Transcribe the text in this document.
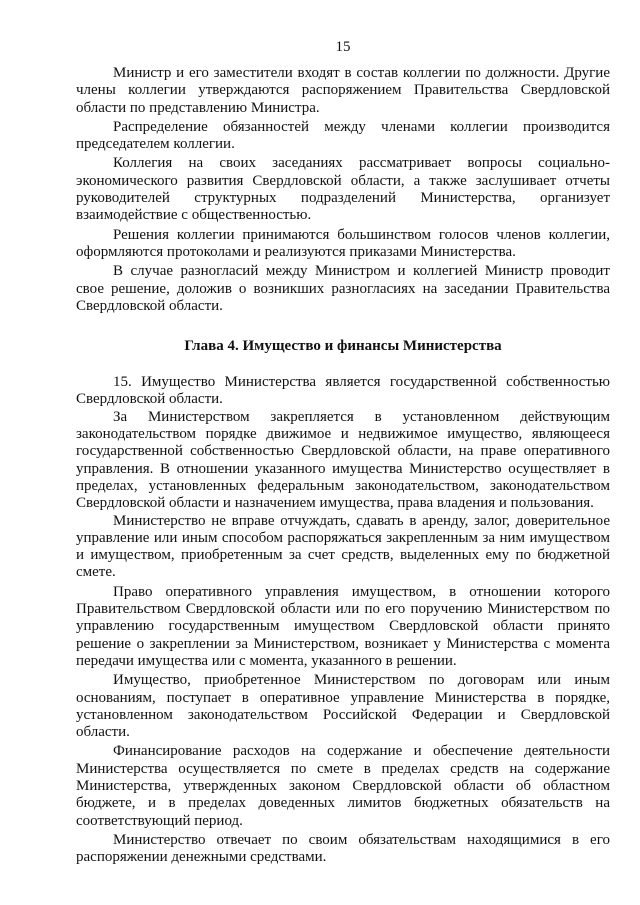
15

Министр и его заместители входят в состав коллегии по должности. Другие члены коллегии утверждаются распоряжением Правительства Свердловской области по представлению Министра.

Распределение обязанностей между членами коллегии производится председателем коллегии.

Коллегия на своих заседаниях рассматривает вопросы социально-экономического развития Свердловской области, а также заслушивает отчеты руководителей структурных подразделений Министерства, организует взаимодействие с общественностью.

Решения коллегии принимаются большинством голосов членов коллегии, оформляются протоколами и реализуются приказами Министерства.

В случае разногласий между Министром и коллегией Министр проводит свое решение, доложив о возникших разногласиях на заседании Правительства Свердловской области.

Глава 4. Имущество и финансы Министерства

15. Имущество Министерства является государственной собственностью Свердловской области.

За Министерством закрепляется в установленном действующим законодательством порядке движимое и недвижимое имущество, являющееся государственной собственностью Свердловской области, на праве оперативного управления. В отношении указанного имущества Министерство осуществляет в пределах, установленных федеральным законодательством, законодательством Свердловской области и назначением имущества, права владения и пользования.

Министерство не вправе отчуждать, сдавать в аренду, залог, доверительное управление или иным способом распоряжаться закрепленным за ним имуществом и имуществом, приобретенным за счет средств, выделенных ему по бюджетной смете.

Право оперативного управления имуществом, в отношении которого Правительством Свердловской области или по его поручению Министерством по управлению государственным имуществом Свердловской области принято решение о закреплении за Министерством, возникает у Министерства с момента передачи имущества или с момента, указанного в решении.

Имущество, приобретенное Министерством по договорам или иным основаниям, поступает в оперативное управление Министерства в порядке, установленном законодательством Российской Федерации и Свердловской области.

Финансирование расходов на содержание и обеспечение деятельности Министерства осуществляется по смете в пределах средств на содержание Министерства, утвержденных законом Свердловской области об областном бюджете, и в пределах доведенных лимитов бюджетных обязательств на соответствующий период.

Министерство отвечает по своим обязательствам находящимися в его распоряжении денежными средствами.
